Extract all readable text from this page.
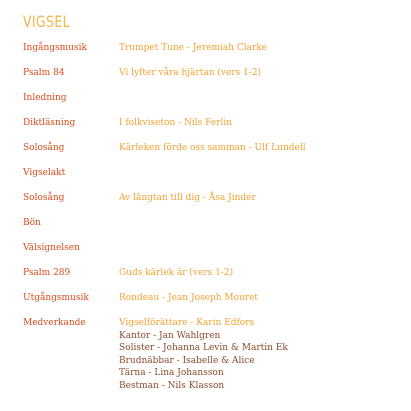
VIGSEL
Ingångsmusik	Trumpet Tune - Jeremiah Clarke
Psalm 84	Vi lyfter våra hjärtan (vers 1-2)
Inledning
Diktläsning	I folkviseton - Nils Ferlin
Solosång	Kärleken förde oss samman - Ulf Lundell
Vigselakt
Solosång	Av längtan till dig - Åsa Jinder
Bön
Välsignelsen
Psalm 289	Guds kärlek är (vers 1-2)
Utgångsmusik	Rondeau - Jean Joseph Mouret
Medverkande	Vigselförättare - Karin Edfors
Kantor - Jan Wahlgren
Solister - Johanna Levin & Martin Ek
Brudnäbbar - Isabelle & Alice
Tärna - Lina Johansson
Bestman - Nils Klasson
